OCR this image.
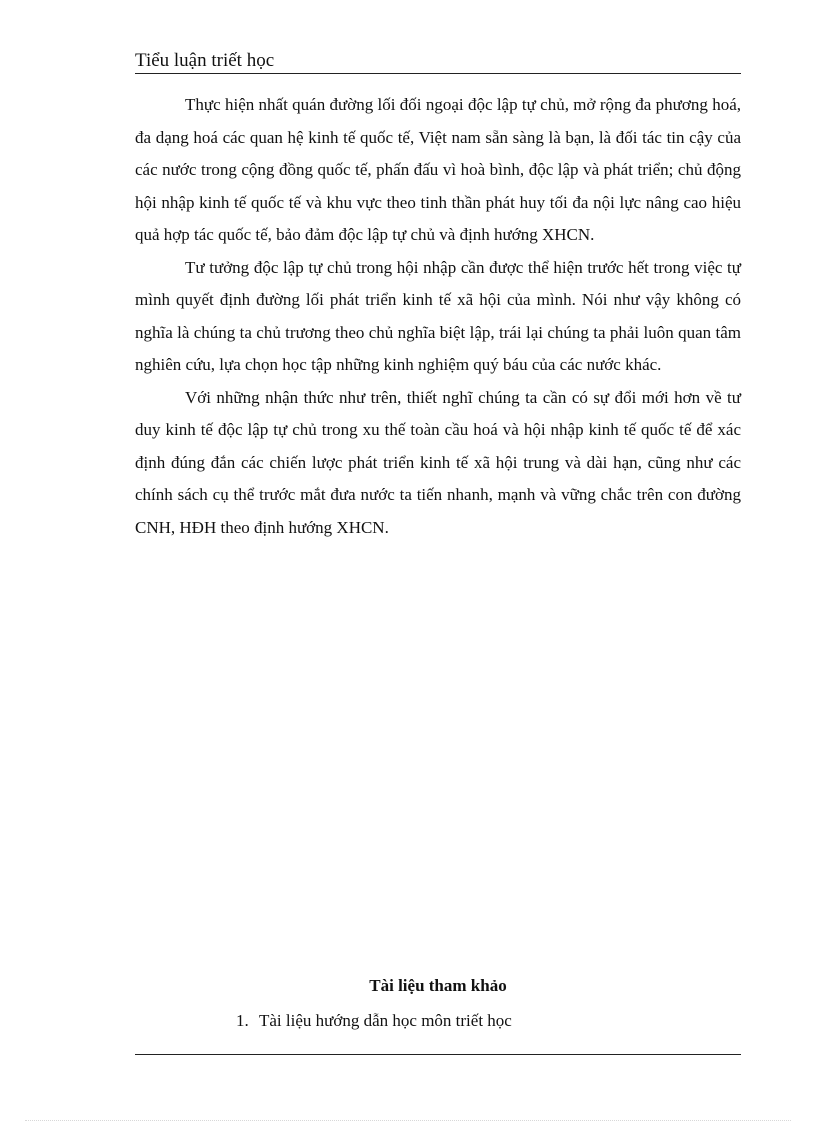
Tiểu luận triết học

Thực hiện nhất quán đường lối đối ngoại độc lập tự chủ, mở rộng đa phương hoá, đa dạng hoá các quan hệ kinh tế quốc tế, Việt nam sẵn sàng là bạn, là đối tác tin cậy của các nước trong cộng đồng quốc tế, phấn đấu vì hoà bình, độc lập và phát triển; chủ động hội nhập kinh tế quốc tế và khu vực theo tinh thần phát huy tối đa nội lực nâng cao hiệu quả hợp tác quốc tế, bảo đảm độc lập tự chủ và định hướng XHCN.

Tư tưởng độc lập tự chủ trong hội nhập cần được thể hiện trước hết trong việc tự mình quyết định đường lối phát triển kinh tế xã hội của mình. Nói như vậy không có nghĩa là chúng ta chủ trương theo chủ nghĩa biệt lập, trái lại chúng ta phải luôn quan tâm nghiên cứu, lựa chọn học tập những kinh nghiệm quý báu của các nước khác.

Với những nhận thức như trên, thiết nghĩ chúng ta cần có sự đổi mới hơn về tư duy kinh tế độc lập tự chủ trong xu thế toàn cầu hoá và hội nhập kinh tế quốc tế để xác định đúng đắn các chiến lược phát triển kinh tế xã hội trung và dài hạn, cũng như các chính sách cụ thể trước mắt đưa nước ta tiến nhanh, mạnh và vững chắc trên con đường CNH, HĐH theo định hướng XHCN.

Tài liệu tham khảo
1. Tài liệu hướng dẫn học môn triết học
